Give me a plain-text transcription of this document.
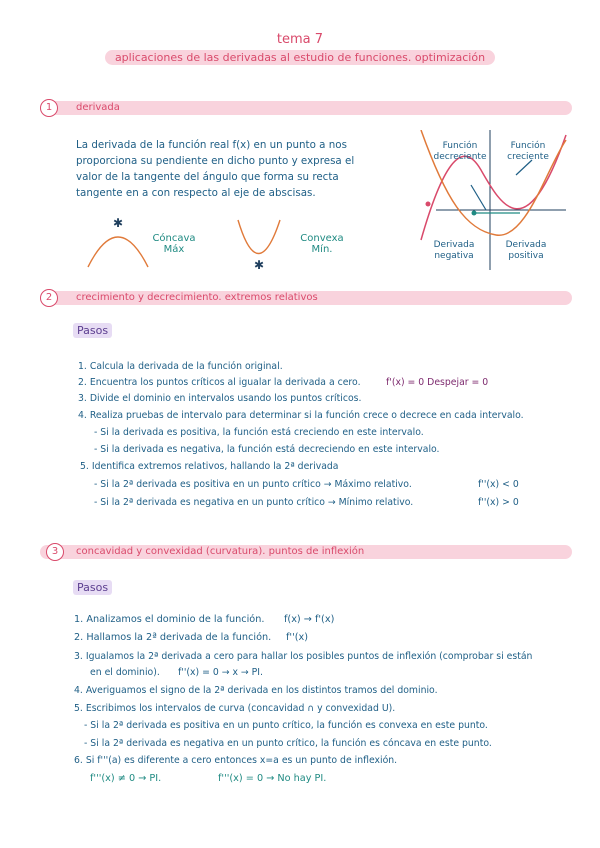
tema 7
aplicaciones de las derivadas al estudio de funciones. optimización
1	derivada
La derivada de la función real f(x) en un punto a nos
proporciona su pendiente en dicho punto y expresa el
valor de la tangente del ángulo que forma su recta
tangente en a con respecto al eje de abscisas.
✱
✱
Cóncava
Máx
Convexa
Mín.
Función
decreciente
Función
creciente
Derivada
negativa
Derivada
positiva
2	crecimiento y decrecimiento. extremos relativos
Pasos
1. Calcula la derivada de la función original.
2. Encuentra los puntos críticos al igualar la derivada a cero.	f'(x) = 0 Despejar = 0
3. Divide el dominio en intervalos usando los puntos críticos.
4. Realiza pruebas de intervalo para determinar si la función crece o decrece en cada intervalo.
- Si la derivada es positiva, la función está creciendo en este intervalo.
- Si la derivada es negativa, la función está decreciendo en este intervalo.
5. Identifica extremos relativos, hallando la 2ª derivada
- Si la 2ª derivada es positiva en un punto crítico → Máximo relativo.	f''(x) < 0
- Si la 2ª derivada es negativa en un punto crítico → Mínimo relativo.	f''(x) > 0
3	concavidad y convexidad (curvatura). puntos de inflexión
Pasos
1. Analizamos el dominio de la función. f(x) → f'(x)
2. Hallamos la 2ª derivada de la función. f''(x)
3. Igualamos la 2ª derivada a cero para hallar los posibles puntos de inflexión (comprobar si están
en el dominio). f''(x) = 0 → x → PI.
4. Averiguamos el signo de la 2ª derivada en los distintos tramos del dominio.
5. Escribimos los intervalos de curva (concavidad ∩ y convexidad U).
- Si la 2ª derivada es positiva en un punto crítico, la función es convexa en este punto.
- Si la 2ª derivada es negativa en un punto crítico, la función es cóncava en este punto.
6. Si f'''(a) es diferente a cero entonces x=a es un punto de inflexión.
f'''(x) ≠ 0 → PI.	f'''(x) = 0 → No hay PI.
